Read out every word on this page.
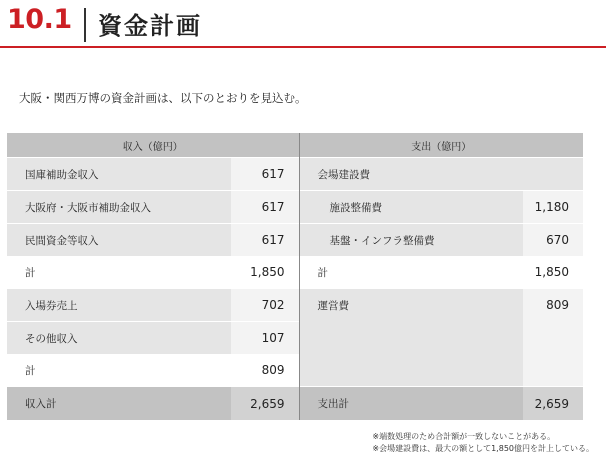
10.1 資金計画
大阪・関西万博の資金計画は、以下のとおりを見込む。
収入（億円）		支出（億円）	
国庫補助金収入	617	会場建設費	
大阪府・大阪市補助金収入	617	施設整備費	1,180
民間資金等収入	617	基盤・インフラ整備費	670
計	1,850	計	1,850
入場券売上	702	運営費	809
その他収入	107		
計	809		
収入計	2,659	支出計	2,659
※端数処理のため合計額が一致しないことがある。
※会場建設費は、最大の額として1,850億円を計上している。
